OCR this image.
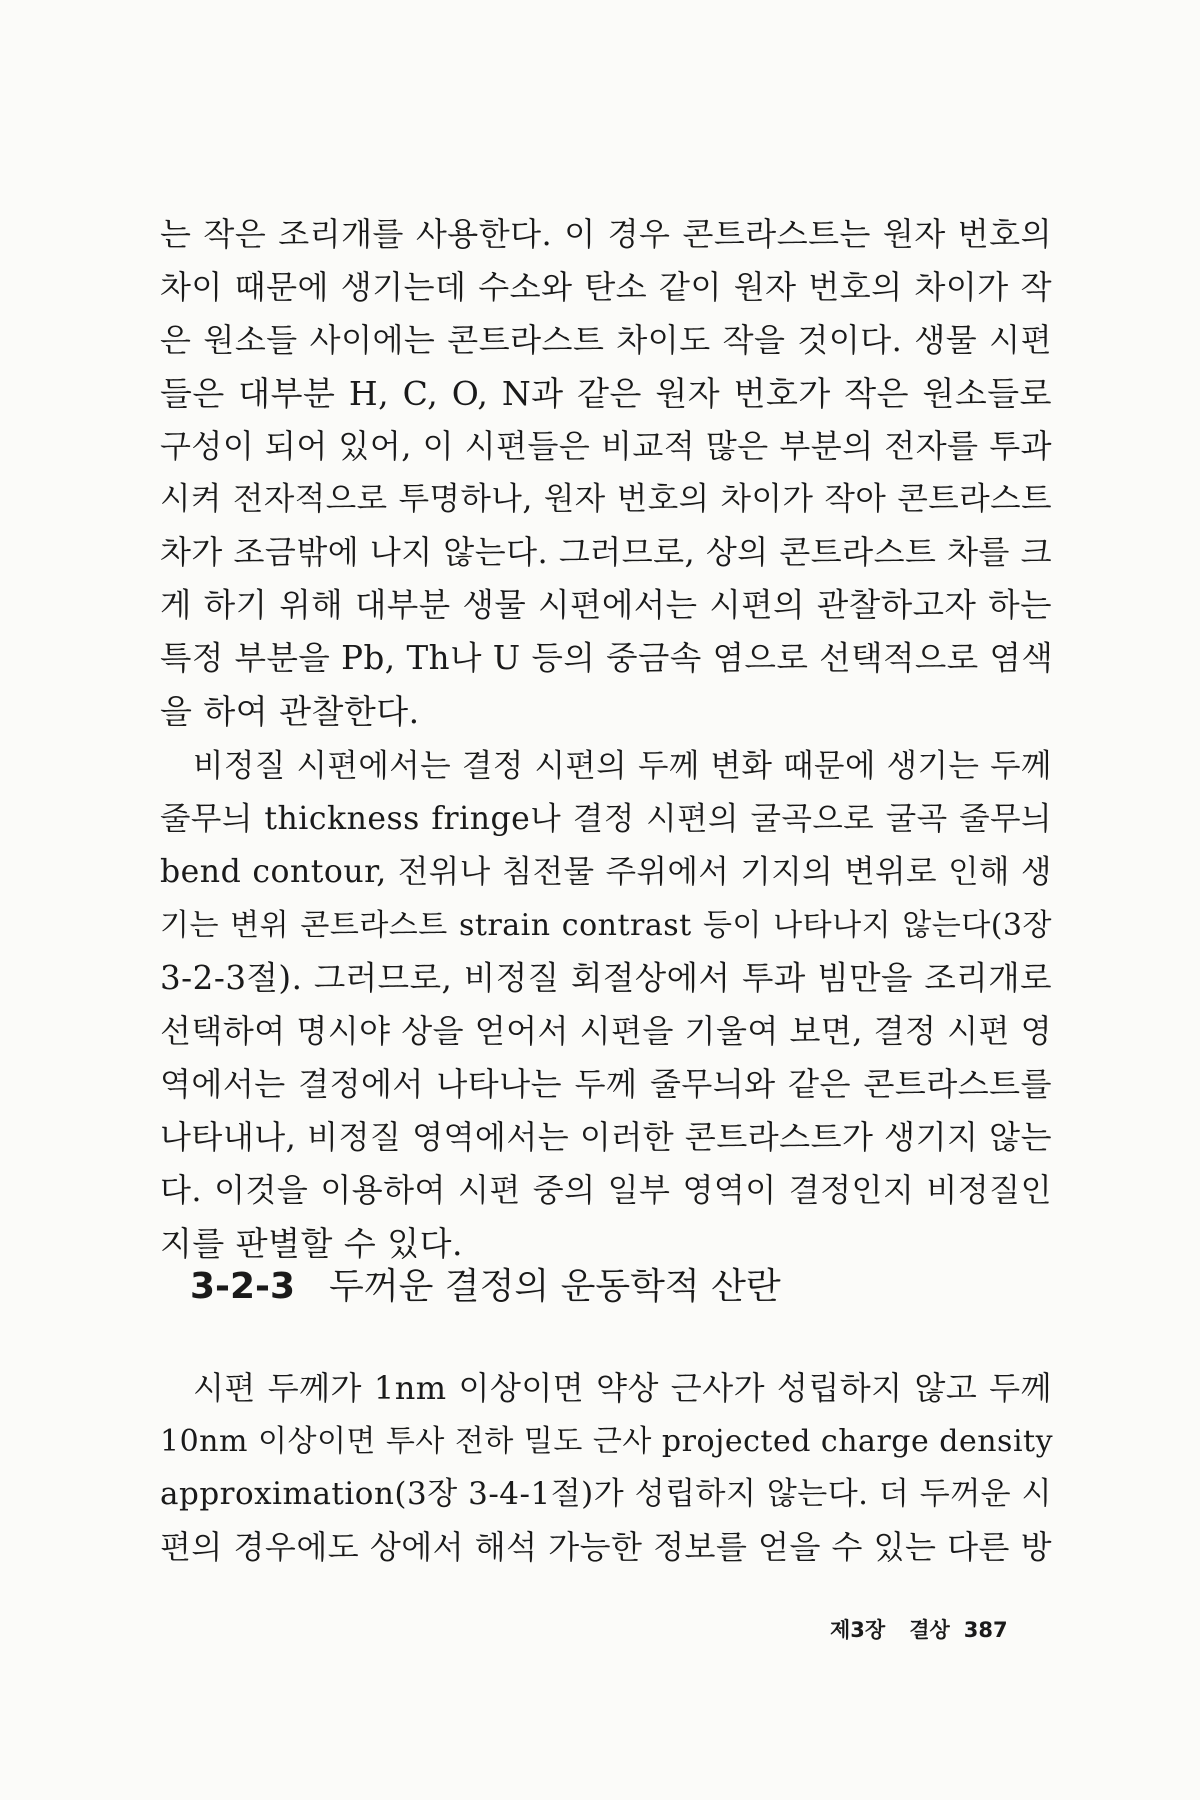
는 작은 조리개를 사용한다. 이 경우 콘트라스트는 원자 번호의
차이 때문에 생기는데 수소와 탄소 같이 원자 번호의 차이가 작
은 원소들 사이에는 콘트라스트 차이도 작을 것이다. 생물 시편
들은 대부분 H, C, O, N과 같은 원자 번호가 작은 원소들로
구성이 되어 있어, 이 시편들은 비교적 많은 부분의 전자를 투과
시켜 전자적으로 투명하나, 원자 번호의 차이가 작아 콘트라스트
차가 조금밖에 나지 않는다. 그러므로, 상의 콘트라스트 차를 크
게 하기 위해 대부분 생물 시편에서는 시편의 관찰하고자 하는
특정 부분을 Pb, Th나 U 등의 중금속 염으로 선택적으로 염색
을 하여 관찰한다.
비정질 시편에서는 결정 시편의 두께 변화 때문에 생기는 두께
줄무늬 thickness fringe나 결정 시편의 굴곡으로 굴곡 줄무늬
bend contour, 전위나 침전물 주위에서 기지의 변위로 인해 생
기는 변위 콘트라스트 strain contrast 등이 나타나지 않는다(3장
3-2-3절). 그러므로, 비정질 회절상에서 투과 빔만을 조리개로
선택하여 명시야 상을 얻어서 시편을 기울여 보면, 결정 시편 영
역에서는 결정에서 나타나는 두께 줄무늬와 같은 콘트라스트를
나타내나, 비정질 영역에서는 이러한 콘트라스트가 생기지 않는
다. 이것을 이용하여 시편 중의 일부 영역이 결정인지 비정질인
지를 판별할 수 있다.
3-2-3 두꺼운 결정의 운동학적 산란
시편 두께가 1nm 이상이면 약상 근사가 성립하지 않고 두께
10nm 이상이면 투사 전하 밀도 근사 projected charge density
approximation(3장 3-4-1절)가 성립하지 않는다. 더 두꺼운 시
편의 경우에도 상에서 해석 가능한 정보를 얻을 수 있는 다른 방
제3장 결상 387
